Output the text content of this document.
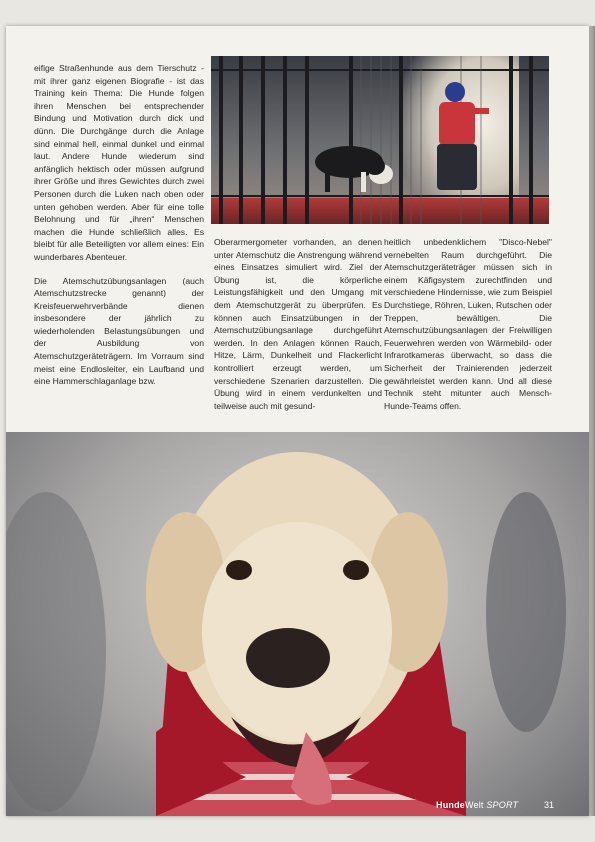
eifige Straßenhunde aus dem Tierschutz - mit ihrer ganz eigenen Biografie - ist das Training kein Thema: Die Hunde folgen ihren Menschen bei entsprechender Bindung und Motivation durch dick und dünn. Die Durchgänge durch die Anlage sind einmal hell, einmal dunkel und einmal laut. Andere Hunde wiederum sind anfänglich hektisch oder müssen aufgrund ihrer Größe und ihres Gewichtes durch zwei Personen durch die Luken nach oben oder unten gehoben werden. Aber für eine tolle Belohnung und für „ihren“ Menschen machen die Hunde schließlich alles. Es bleibt für alle Beteiligten vor allem eines: Ein wunderbares Abenteuer.

Die Atemschutzübungsanlagen (auch Atemschutzstrecke genannt) der Kreisfeuerwehrverbände dienen insbesondere der jährlich zu wiederholenden Belastungsübungen und der Ausbildung von Atemschutzgeräteträgern. Im Vorraum sind meist eine Endlosleiter, ein Laufband und eine Hammerschlaganlage bzw.

Oberarmergometer vorhanden, an denen unter Atemschutz die Anstrengung während eines Einsatzes simuliert wird. Ziel der Übung ist, die körperliche Leistungsfähigkeit und den Umgang mit dem Atemschutzgerät zu überprüfen. Es können auch Einsatzübungen in der Atemschutzübungsanlage durchgeführt werden. In den Anlagen können Rauch, Hitze, Lärm, Dunkelheit und Flackerlicht kontrolliert erzeugt werden, um verschiedene Szenarien darzustellen. Die Übung wird in einem verdunkelten und teilweise auch mit gesund-

heitlich unbedenklichem "Disco-Nebel" vernebelten Raum durchgeführt. Die Atemschutzgeräteträger müssen sich in einem Käfigsystem zurechtfinden und verschiedene Hindernisse, wie zum Beispiel Durchstiege, Röhren, Luken, Rutschen oder Treppen, bewältigen. Die Atemschutzübungsanlagen der Freiwilligen Feuerwehren werden von Wärmebild- oder Infrarotkameras überwacht, so dass die Sicherheit der Trainierenden jederzeit gewährleistet werden kann. Und all diese Technik steht mitunter auch Mensch-Hunde-Teams offen.

HundeWelt SPORT	31
